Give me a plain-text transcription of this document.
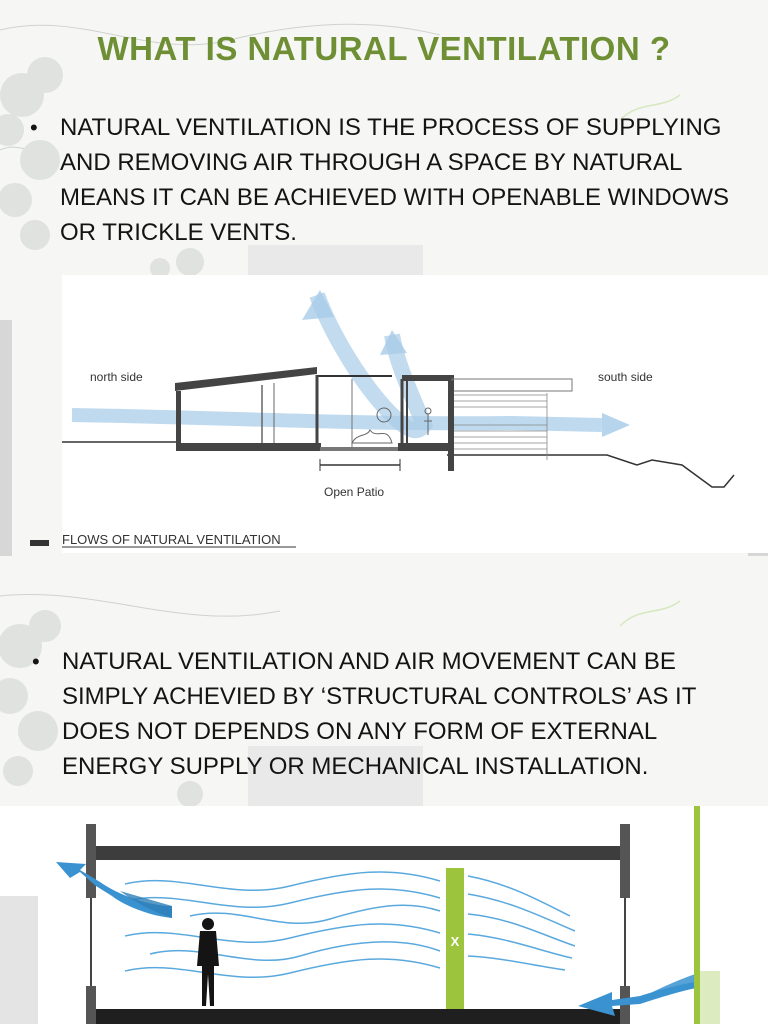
WHAT IS NATURAL VENTILATION ?
• NATURAL VENTILATION IS THE PROCESS OF SUPPLYING AND REMOVING AIR THROUGH A SPACE BY NATURAL MEANS IT CAN BE ACHIEVED WITH OPENABLE WINDOWS OR TRICKLE VENTS.
north side	south side
Open Patio
FLOWS OF NATURAL VENTILATION
• NATURAL VENTILATION AND AIR MOVEMENT CAN BE SIMPLY ACHEVIED BY ‘STRUCTURAL CONTROLS’ AS IT DOES NOT DEPENDS ON ANY FORM OF EXTERNAL ENERGY SUPPLY OR MECHANICAL INSTALLATION.
X
